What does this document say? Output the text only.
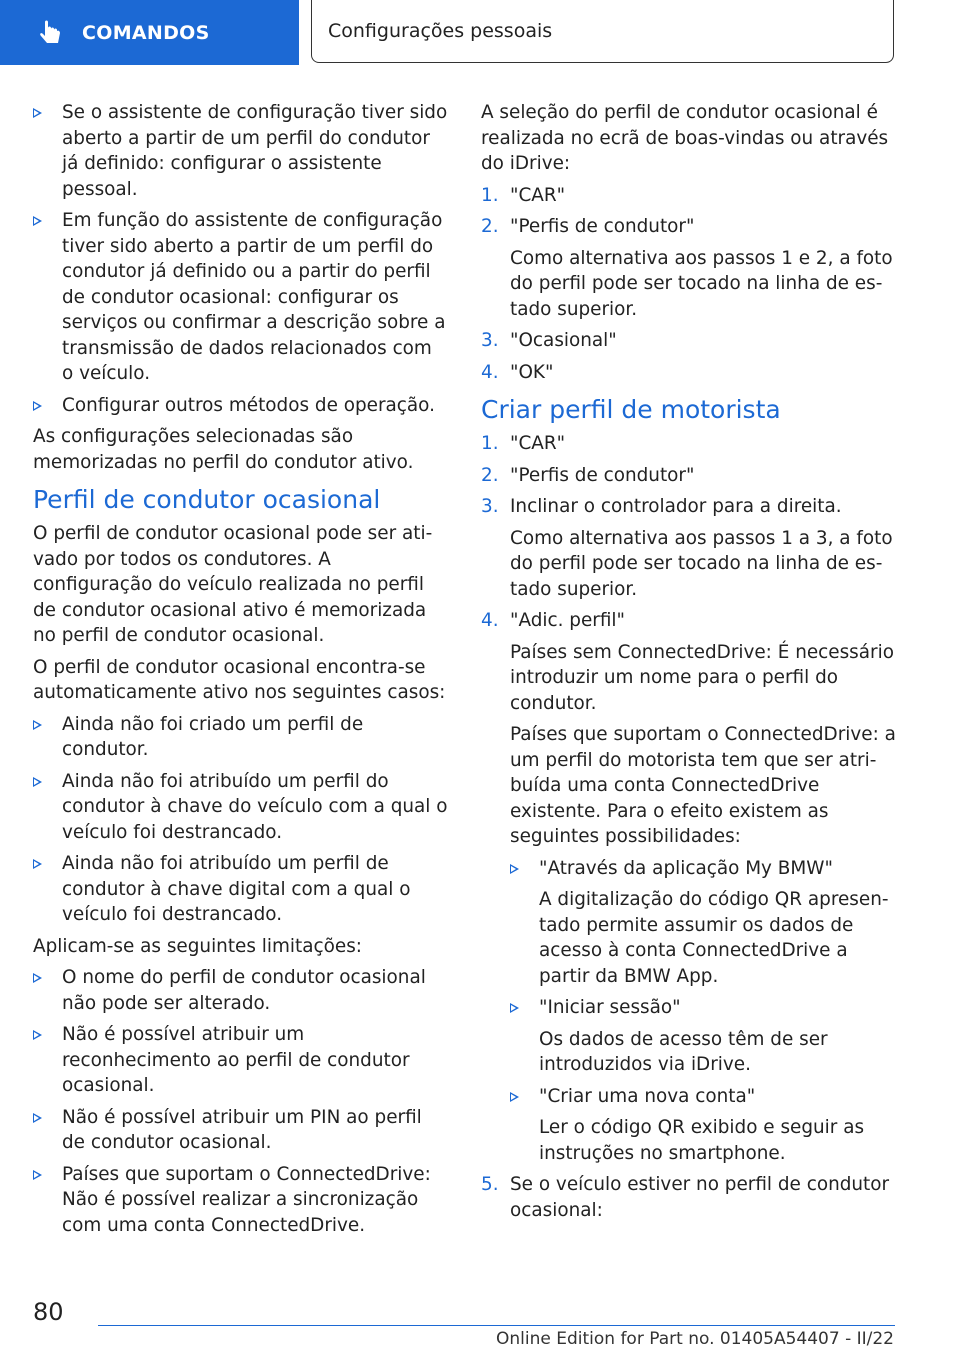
COMANDOS	Configurações pessoais
Se o assistente de configuração tiver sido aberto a partir de um perfil do condutor já definido: configurar o assistente pessoal.
Em função do assistente de configuração tiver sido aberto a partir de um perfil do condutor já definido ou a partir do perfil de condutor ocasional: configurar os serviços ou confirmar a descrição sobre a transmissão de dados relacionados com o veículo.
Configurar outros métodos de operação.

As configurações selecionadas são memorizadas no perfil do condutor ativo.

Perfil de condutor ocasional

O perfil de condutor ocasional pode ser ativado por todos os condutores. A configuração do veículo realizada no perfil de condutor ocasional ativo é memorizada no perfil de condutor ocasional.

O perfil de condutor ocasional encontra-se automaticamente ativo nos seguintes casos:

Ainda não foi criado um perfil de condutor.
Ainda não foi atribuído um perfil do condutor à chave do veículo com a qual o veículo foi destrancado.
Ainda não foi atribuído um perfil de condutor à chave digital com a qual o veículo foi destrancado.

Aplicam-se as seguintes limitações:

O nome do perfil de condutor ocasional não pode ser alterado.
Não é possível atribuir um reconhecimento ao perfil de condutor ocasional.
Não é possível atribuir um PIN ao perfil de condutor ocasional.
Países que suportam o ConnectedDrive: Não é possível realizar a sincronização com uma conta ConnectedDrive.

A seleção do perfil de condutor ocasional é realizada no ecrã de boas-vindas ou através do iDrive:

1. "CAR"
2. "Perfis de condutor"

Como alternativa aos passos 1 e 2, a foto do perfil pode ser tocado na linha de estado superior.

3. "Ocasional"
4. "OK"
Criar perfil de motorista
1. "CAR"
2. "Perfis de condutor"
3. Inclinar o controlador para a direita.

Como alternativa aos passos 1 a 3, a foto do perfil pode ser tocado na linha de estado superior.

4. "Adic. perfil"

Países sem ConnectedDrive: É necessário introduzir um nome para o perfil do condutor.

Países que suportam o ConnectedDrive: a um perfil do motorista tem que ser atribuída uma conta ConnectedDrive existente. Para o efeito existem as seguintes possibilidades:

"Através da aplicação My BMW"

A digitalização do código QR apresentado permite assumir os dados de acesso à conta ConnectedDrive a partir da BMW App.

"Iniciar sessão"

Os dados de acesso têm de ser introduzidos via iDrive.

"Criar uma nova conta"

Ler o código QR exibido e seguir as instruções no smartphone.

5. Se o veículo estiver no perfil de condutor ocasional:
80
Online Edition for Part no. 01405A54407 - II/22
